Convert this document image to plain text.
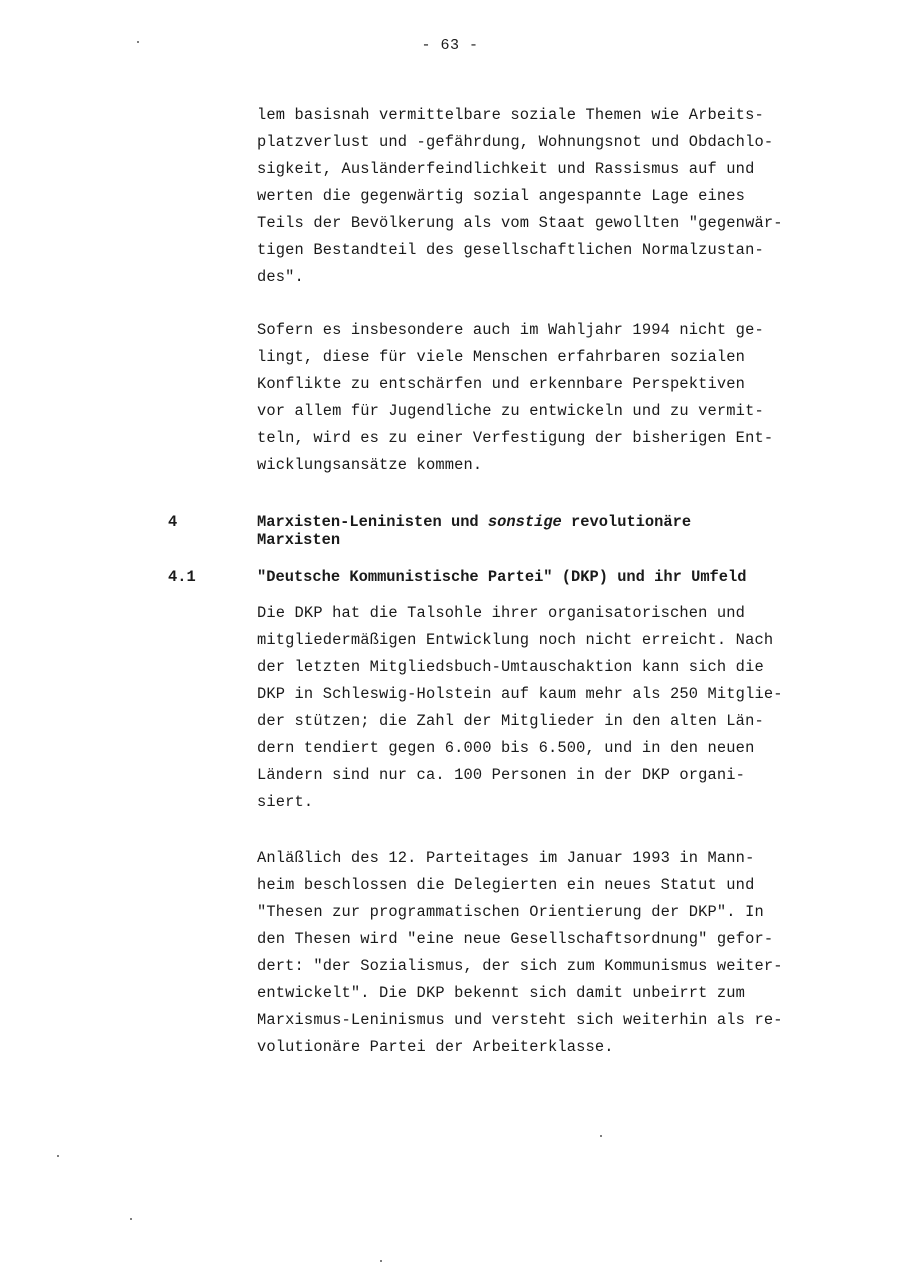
- 63 -

lem basisnah vermittelbare soziale Themen wie Arbeits-
platzverlust und -gefährdung, Wohnungsnot und Obdachlo-
sigkeit, Ausländerfeindlichkeit und Rassismus auf und
werten die gegenwärtig sozial angespannte Lage eines
Teils der Bevölkerung als vom Staat gewollten "gegenwär-
tigen Bestandteil des gesellschaftlichen Normalzustan-
des".

Sofern es insbesondere auch im Wahljahr 1994 nicht ge-
lingt, diese für viele Menschen erfahrbaren sozialen
Konflikte zu entschärfen und erkennbare Perspektiven
vor allem für Jugendliche zu entwickeln und zu vermit-
teln, wird es zu einer Verfestigung der bisherigen Ent-
wicklungsansätze kommen.

4	Marxisten-Leninisten und sonstige revolutionäre
Marxisten

4.1	"Deutsche Kommunistische Partei" (DKP) und ihr Umfeld

Die DKP hat die Talsohle ihrer organisatorischen und
mitgliedermäßigen Entwicklung noch nicht erreicht. Nach
der letzten Mitgliedsbuch-Umtauschaktion kann sich die
DKP in Schleswig-Holstein auf kaum mehr als 250 Mitglie-
der stützen; die Zahl der Mitglieder in den alten Län-
dern tendiert gegen 6.000 bis 6.500, und in den neuen
Ländern sind nur ca. 100 Personen in der DKP organi-
siert.

Anläßlich des 12. Parteitages im Januar 1993 in Mann-
heim beschlossen die Delegierten ein neues Statut und
"Thesen zur programmatischen Orientierung der DKP". In
den Thesen wird "eine neue Gesellschaftsordnung" gefor-
dert: "der Sozialismus, der sich zum Kommunismus weiter-
entwickelt". Die DKP bekennt sich damit unbeirrt zum
Marxismus-Leninismus und versteht sich weiterhin als re-
volutionäre Partei der Arbeiterklasse.
